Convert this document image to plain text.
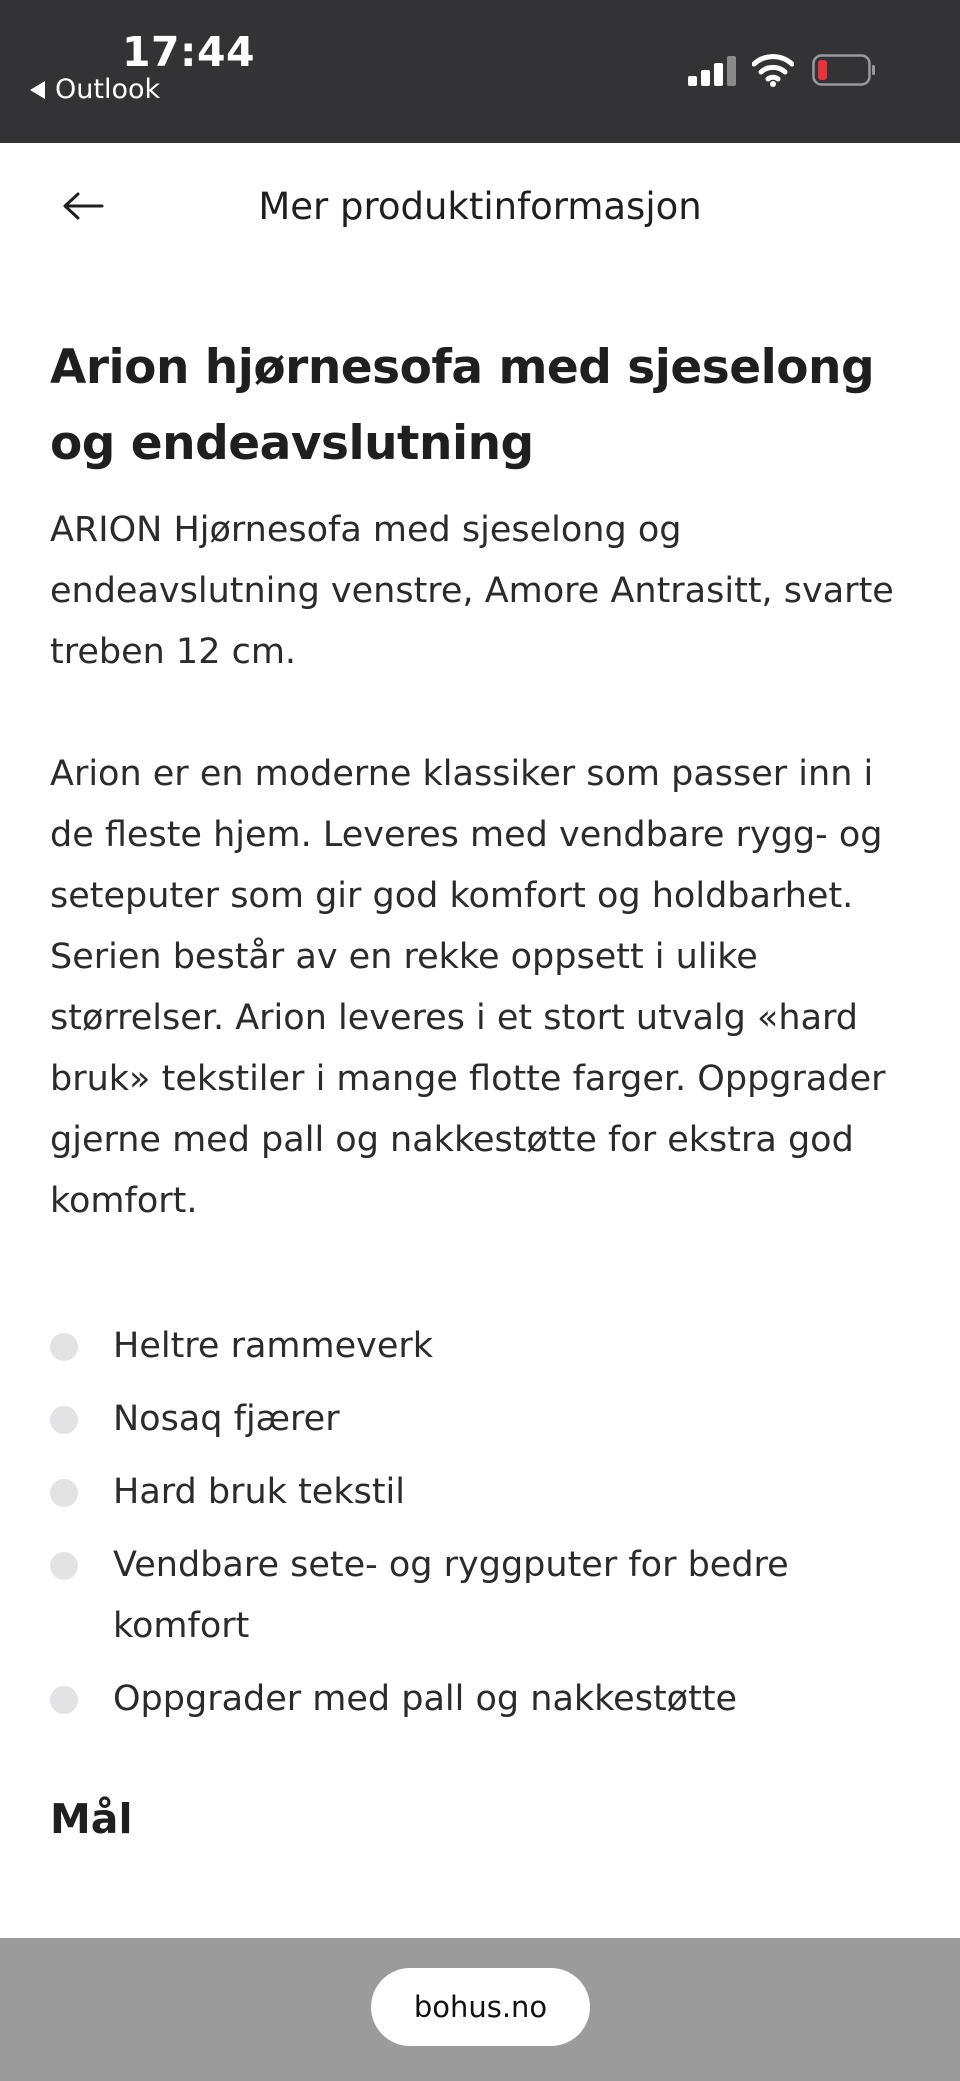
17:44
Outlook
Mer produktinformasjon
Arion hjørnesofa med sjeselong og endeavslutning

ARION Hjørnesofa med sjeselong og endeavslutning venstre, Amore Antrasitt, svarte treben 12 cm.

Arion er en moderne klassiker som passer inn i de fleste hjem. Leveres med vendbare rygg- og seteputer som gir god komfort og holdbarhet. Serien består av en rekke oppsett i ulike størrelser. Arion leveres i et stort utvalg «hard bruk» tekstiler i mange flotte farger. Oppgrader gjerne med pall og nakkestøtte for ekstra god komfort.

Heltre rammeverk
Nosaq fjærer
Hard bruk tekstil
Vendbare sete- og ryggputer for bedre komfort
Oppgrader med pall og nakkestøtte
Mål
bohus.no
